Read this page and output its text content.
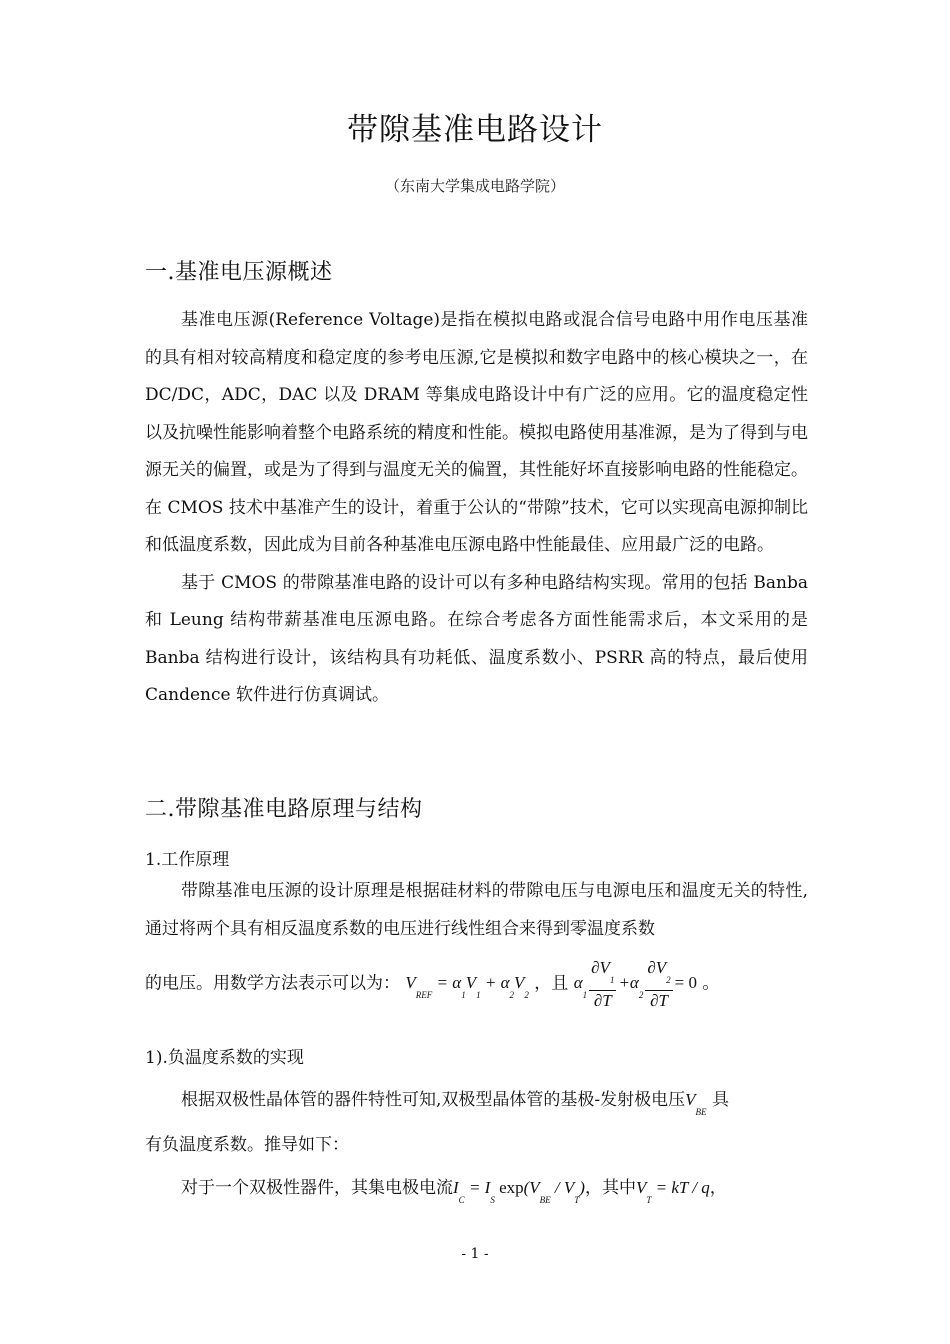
带隙基准电路设计
（东南大学集成电路学院）
一.基准电压源概述

基准电压源(Reference Voltage)是指在模拟电路或混合信号电路中用作电压基准的具有相对较高精度和稳定度的参考电压源,它是模拟和数字电路中的核心模块之一，在 DC/DC，ADC，DAC 以及 DRAM 等集成电路设计中有广泛的应用。它的温度稳定性以及抗噪性能影响着整个电路系统的精度和性能。模拟电路使用基准源，是为了得到与电源无关的偏置，或是为了得到与温度无关的偏置，其性能好坏直接影响电路的性能稳定。在 CMOS 技术中基准产生的设计，着重于公认的“带隙”技术，它可以实现高电源抑制比和低温度系数，因此成为目前各种基准电压源电路中性能最佳、应用最广泛的电路。

基于 CMOS 的带隙基准电路的设计可以有多种电路结构实现。常用的包括 Banba 和 Leung 结构带薪基准电压源电路。在综合考虑各方面性能需求后，本文采用的是 Banba 结构进行设计，该结构具有功耗低、温度系数小、PSRR 高的特点，最后使用 Candence 软件进行仿真调试。

二.带隙基准电路原理与结构
1.工作原理

带隙基准电压源的设计原理是根据硅材料的带隙电压与电源电压和温度无关的特性,通过将两个具有相反温度系数的电压进行线性组合来得到零温度系数

的电压。用数学方法表示可以为： $V_{REF} = \alpha_1V_1 + \alpha_2V_2$ ，且 $\alpha_1 \frac{\partial V_1}{\partial T} +\alpha_2 \frac{\partial V_2}{\partial T} = 0$ 。
1).负温度系数的实现
根据双极性晶体管的器件特性可知,双极型晶体管的基极-发射极电压$V_{BE}$ 具
有负温度系数。推导如下：
对于一个双极性器件，其集电极电流$I_C = I_S$ $\exp(V_{BE} / V_T)$，其中$V_T$ = kT / q，
- 1 -
